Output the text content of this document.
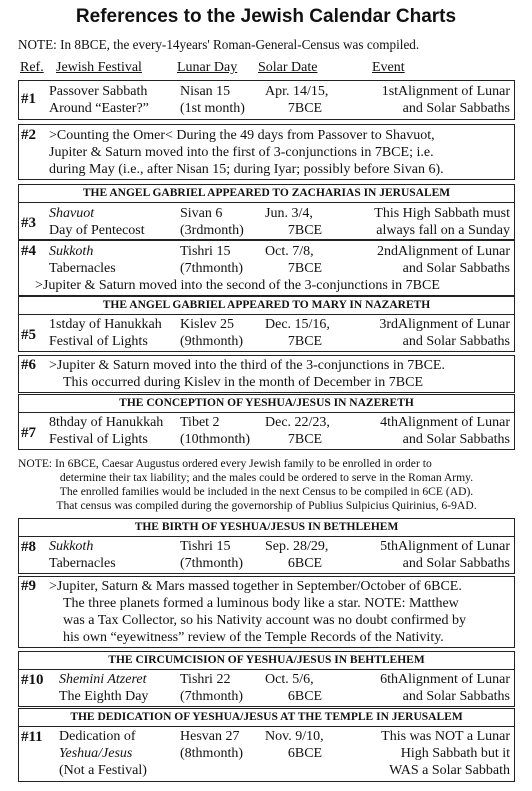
References to the Jewish Calendar Charts
NOTE: In 8BCE, the every-14years' Roman-General-Census was compiled.
Ref. Jewish Festival	Lunar Day Solar Date	Event
#1 Passover Sabbath
Around “Easter?”
Nisan 15
(1st month)
Apr. 14/15,
7BCE
1stAlignment of Lunar
and Solar Sabbaths
#2 >Counting the Omer< During the 49 days from Passover to Shavuot,
Jupiter & Saturn moved into the first of 3-conjunctions in 7BCE; i.e.
during May (i.e., after Nisan 15; during Iyar; possibly before Sivan 6).
THE ANGEL GABRIEL APPEARED TO ZACHARIAS IN JERUSALEM
#3
Shavuot
Day of Pentecost
Sivan 6
(3rdmonth)
Jun. 3/4,
7BCE
This High Sabbath must
always fall on a Sunday
#4 Sukkoth
Tabernacles
Tishri 15
(7thmonth)
Oct. 7/8,
7BCE
2ndAlignment of Lunar
and Solar Sabbaths
>Jupiter & Saturn moved into the second of the 3-conjunctions in 7BCE
THE ANGEL GABRIEL APPEARED TO MARY IN NAZARETH
#5
1stday of Hanukkah
Festival of Lights
Kislev 25
(9thmonth)
Dec. 15/16,
7BCE
3rdAlignment of Lunar
and Solar Sabbaths
#6 >Jupiter & Saturn moved into the third of the 3-conjunctions in 7BCE.
This occurred during Kislev in the month of December in 7BCE
THE CONCEPTION OF YESHUA/JESUS IN NAZERETH
#7
8thday of Hanukkah
Festival of Lights
Tibet 2
(10thmonth)
Dec. 22/23,
7BCE
4thAlignment of Lunar
and Solar Sabbaths
NOTE: In 6BCE, Caesar Augustus ordered every Jewish family to be enrolled in order to
determine their tax liability; and the males could be ordered to serve in the Roman Army.
The enrolled families would be included in the next Census to be compiled in 6CE (AD).
That census was compiled during the governorship of Publius Sulpicius Quirinius, 6-9AD.
THE BIRTH OF YESHUA/JESUS IN BETHLEHEM
#8 Sukkoth
Tabernacles
Tishri 15
(7thmonth)
Sep. 28/29,
6BCE
5thAlignment of Lunar
and Solar Sabbaths
#9 >Jupiter, Saturn & Mars massed together in September/October of 6BCE.
The three planets formed a luminous body like a star. NOTE: Matthew
was a Tax Collector, so his Nativity account was no doubt confirmed by
his own “eyewitness” review of the Temple Records of the Nativity.
THE CIRCUMCISION OF YESHUA/JESUS IN BEHTLEHEM
#10 Shemini Atzeret
The Eighth Day
Tishri 22
(7thmonth)
Oct. 5/6,
6BCE
6thAlignment of Lunar
and Solar Sabbaths
THE DEDICATION OF YESHUA/JESUS AT THE TEMPLE IN JERUSALEM
#11 Dedication of
Yeshua/Jesus
(Not a Festival)
Hesvan 27
(8thmonth)
Nov. 9/10,
6BCE
This was NOT a Lunar
High Sabbath but it
WAS a Solar Sabbath
